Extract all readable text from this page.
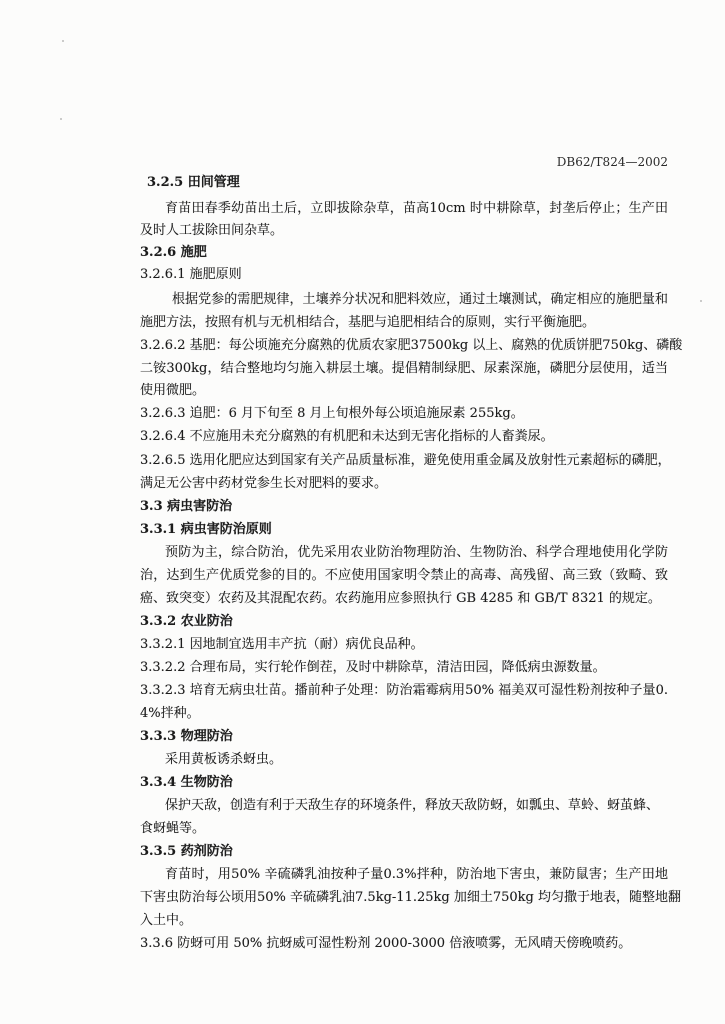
DB62/T824—2002
3.2.5 田间管理
育苗田春季幼苗出土后，立即拔除杂草，苗高10cm 时中耕除草，封垄后停止；生产田
及时人工拔除田间杂草。
3.2.6 施肥
3.2.6.1 施肥原则
根据党参的需肥规律，土壤养分状况和肥料效应，通过土壤测试，确定相应的施肥量和
施肥方法，按照有机与无机相结合，基肥与追肥相结合的原则，实行平衡施肥。
3.2.6.2 基肥：每公顷施充分腐熟的优质农家肥37500kg 以上、腐熟的优质饼肥750kg、磷酸
二铵300kg，结合整地均匀施入耕层土壤。提倡精制绿肥、尿素深施，磷肥分层使用，适当
使用微肥。
3.2.6.3 追肥：6 月下旬至 8 月上旬根外每公顷追施尿素 255kg。
3.2.6.4 不应施用未充分腐熟的有机肥和未达到无害化指标的人畜粪尿。
3.2.6.5 选用化肥应达到国家有关产品质量标准，避免使用重金属及放射性元素超标的磷肥，
满足无公害中药材党参生长对肥料的要求。
3.3 病虫害防治
3.3.1 病虫害防治原则
预防为主，综合防治，优先采用农业防治物理防治、生物防治、科学合理地使用化学防
治，达到生产优质党参的目的。不应使用国家明令禁止的高毒、高残留、高三致（致畸、致
癌、致突变）农药及其混配农药。农药施用应参照执行 GB 4285 和 GB/T 8321 的规定。
3.3.2 农业防治
3.3.2.1 因地制宜选用丰产抗（耐）病优良品种。
3.3.2.2 合理布局，实行轮作倒茬，及时中耕除草，清洁田园，降低病虫源数量。
3.3.2.3 培育无病虫壮苗。播前种子处理：防治霜霉病用50% 福美双可湿性粉剂按种子量0.
4%拌种。
3.3.3 物理防治
采用黄板诱杀蚜虫。
3.3.4 生物防治
保护天敌，创造有利于天敌生存的环境条件，释放天敌防蚜，如瓢虫、草蛉、蚜茧蜂、
食蚜蝇等。
3.3.5 药剂防治
育苗时，用50% 辛硫磷乳油按种子量0.3%拌种，防治地下害虫，兼防鼠害；生产田地
下害虫防治每公顷用50% 辛硫磷乳油7.5kg-11.25kg 加细土750kg 均匀撒于地表，随整地翻
入土中。
3.3.6 防蚜可用 50% 抗蚜威可湿性粉剂 2000-3000 倍液喷雾，无风晴天傍晚喷药。
